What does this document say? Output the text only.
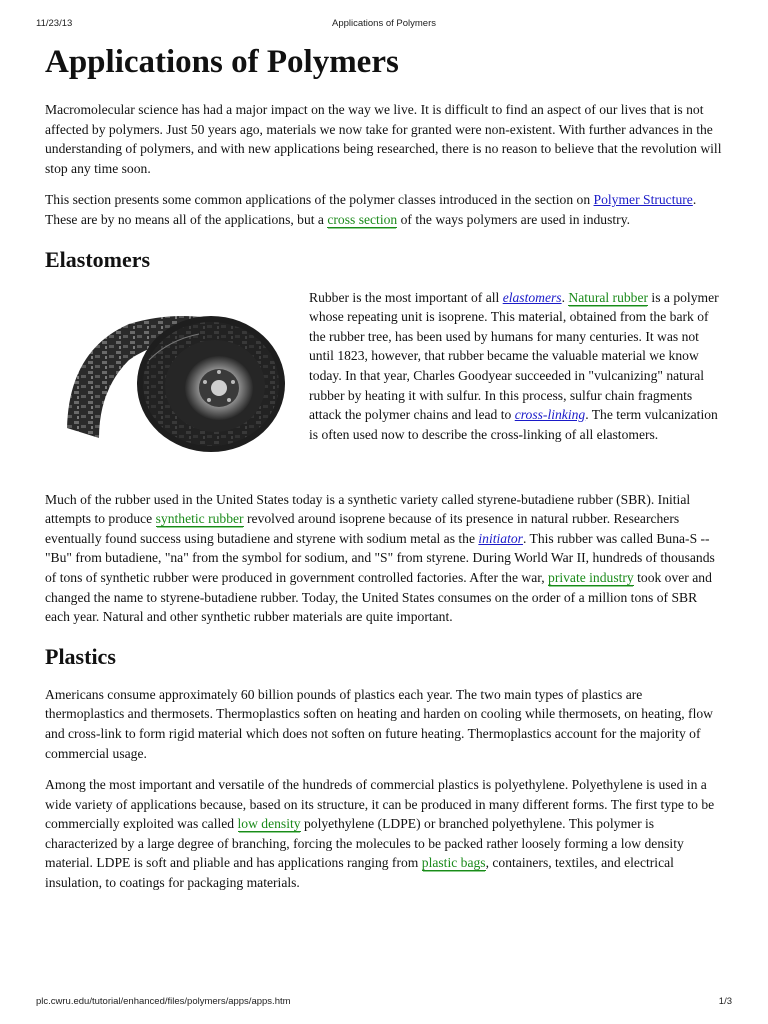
11/23/13	Applications of Polymers
Applications of Polymers

Macromolecular science has had a major impact on the way we live. It is difficult to find an aspect of our lives that is not affected by polymers. Just 50 years ago, materials we now take for granted were non-existent. With further advances in the understanding of polymers, and with new applications being researched, there is no reason to believe that the revolution will stop any time soon.

This section presents some common applications of the polymer classes introduced in the section on Polymer Structure. These are by no means all of the applications, but a cross section of the ways polymers are used in industry.

Elastomers

Rubber is the most important of all elastomers. Natural rubber is a polymer whose repeating unit is isoprene. This material, obtained from the bark of the rubber tree, has been used by humans for many centuries. It was not until 1823, however, that rubber became the valuable material we know today. In that year, Charles Goodyear succeeded in "vulcanizing" natural rubber by heating it with sulfur. In this process, sulfur chain fragments attack the polymer chains and lead to cross-linking. The term vulcanization is often used now to describe the cross-linking of all elastomers.

Much of the rubber used in the United States today is a synthetic variety called styrene-butadiene rubber (SBR). Initial attempts to produce synthetic rubber revolved around isoprene because of its presence in natural rubber. Researchers eventually found success using butadiene and styrene with sodium metal as the initiator. This rubber was called Buna-S -- "Bu" from butadiene, "na" from the symbol for sodium, and "S" from styrene. During World War II, hundreds of thousands of tons of synthetic rubber were produced in government controlled factories. After the war, private industry took over and changed the name to styrene-butadiene rubber. Today, the United States consumes on the order of a million tons of SBR each year. Natural and other synthetic rubber materials are quite important.

Plastics

Americans consume approximately 60 billion pounds of plastics each year. The two main types of plastics are thermoplastics and thermosets. Thermoplastics soften on heating and harden on cooling while thermosets, on heating, flow and cross-link to form rigid material which does not soften on future heating. Thermoplastics account for the majority of commercial usage.

Among the most important and versatile of the hundreds of commercial plastics is polyethylene. Polyethylene is used in a wide variety of applications because, based on its structure, it can be produced in many different forms. The first type to be commercially exploited was called low density polyethylene (LDPE) or branched polyethylene. This polymer is characterized by a large degree of branching, forcing the molecules to be packed rather loosely forming a low density material. LDPE is soft and pliable and has applications ranging from plastic bags, containers, textiles, and electrical insulation, to coatings for packaging materials.

plc.cwru.edu/tutorial/enhanced/files/polymers/apps/apps.htm	1/3
